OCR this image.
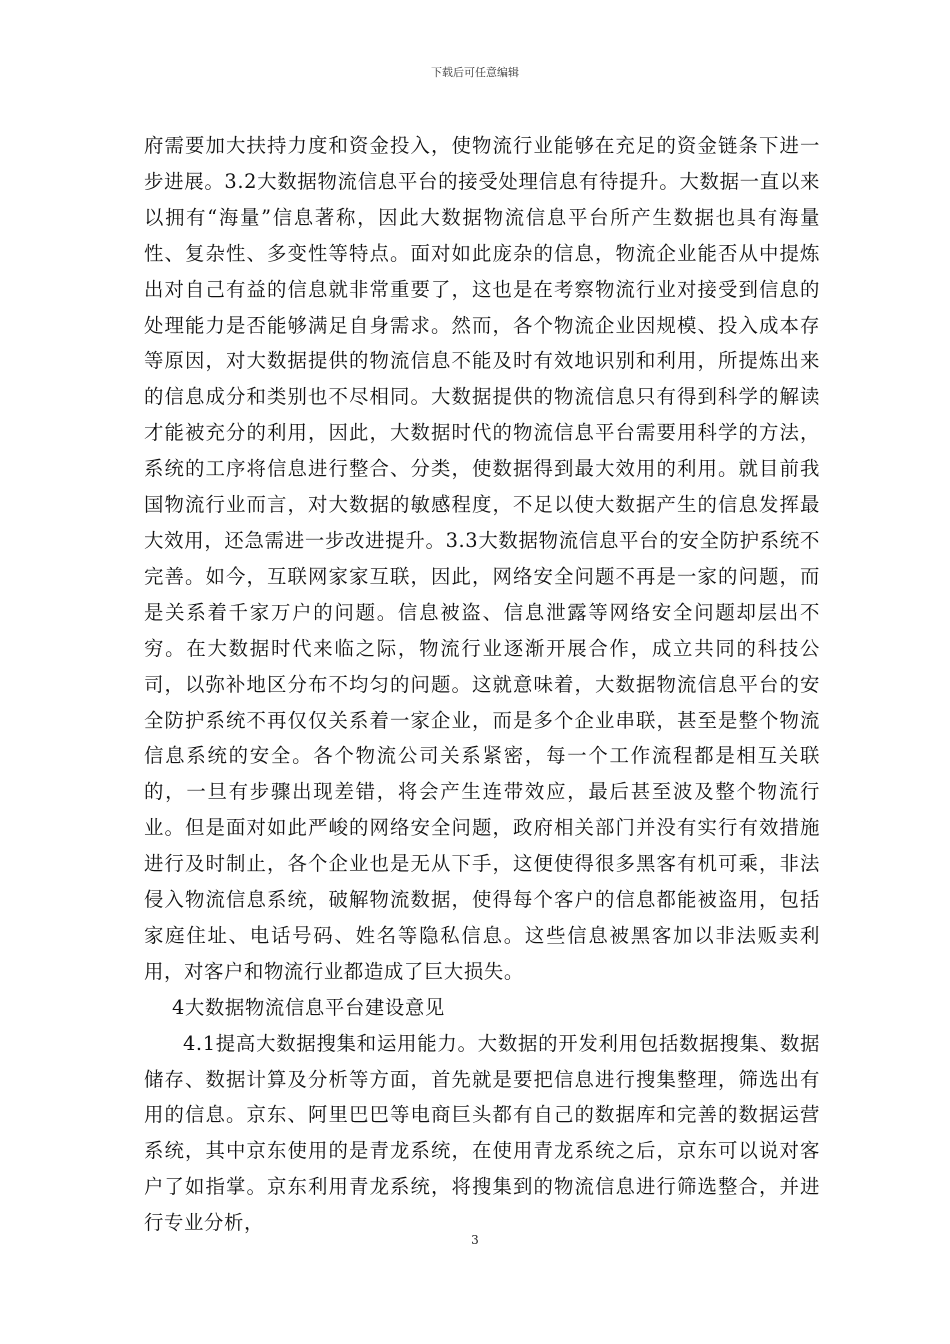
下载后可任意编辑

府需要加大扶持力度和资金投入，使物流行业能够在充足的资金链条下进一步进展。3.2大数据物流信息平台的接受处理信息有待提升。大数据一直以来以拥有“海量”信息著称，因此大数据物流信息平台所产生数据也具有海量性、复杂性、多变性等特点。面对如此庞杂的信息，物流企业能否从中提炼出对自己有益的信息就非常重要了，这也是在考察物流行业对接受到信息的处理能力是否能够满足自身需求。然而，各个物流企业因规模、投入成本存等原因，对大数据提供的物流信息不能及时有效地识别和利用，所提炼出来的信息成分和类别也不尽相同。大数据提供的物流信息只有得到科学的解读才能被充分的利用，因此，大数据时代的物流信息平台需要用科学的方法，系统的工序将信息进行整合、分类，使数据得到最大效用的利用。就目前我国物流行业而言，对大数据的敏感程度，不足以使大数据产生的信息发挥最大效用，还急需进一步改进提升。3.3大数据物流信息平台的安全防护系统不完善。如今，互联网家家互联，因此，网络安全问题不再是一家的问题，而是关系着千家万户的问题。信息被盗、信息泄露等网络安全问题却层出不穷。在大数据时代来临之际，物流行业逐渐开展合作，成立共同的科技公司，以弥补地区分布不均匀的问题。这就意味着，大数据物流信息平台的安全防护系统不再仅仅关系着一家企业，而是多个企业串联，甚至是整个物流信息系统的安全。各个物流公司关系紧密，每一个工作流程都是相互关联的，一旦有步骤出现差错，将会产生连带效应，最后甚至波及整个物流行业。但是面对如此严峻的网络安全问题，政府相关部门并没有实行有效措施进行及时制止，各个企业也是无从下手，这便使得很多黑客有机可乘，非法侵入物流信息系统，破解物流数据，使得每个客户的信息都能被盗用，包括家庭住址、电话号码、姓名等隐私信息。这些信息被黑客加以非法贩卖利用，对客户和物流行业都造成了巨大损失。

4大数据物流信息平台建设意见

4.1提高大数据搜集和运用能力。大数据的开发利用包括数据搜集、数据储存、数据计算及分析等方面，首先就是要把信息进行搜集整理，筛选出有用的信息。京东、阿里巴巴等电商巨头都有自己的数据库和完善的数据运营系统，其中京东使用的是青龙系统，在使用青龙系统之后，京东可以说对客户了如指掌。京东利用青龙系统，将搜集到的物流信息进行筛选整合，并进行专业分析，

3
